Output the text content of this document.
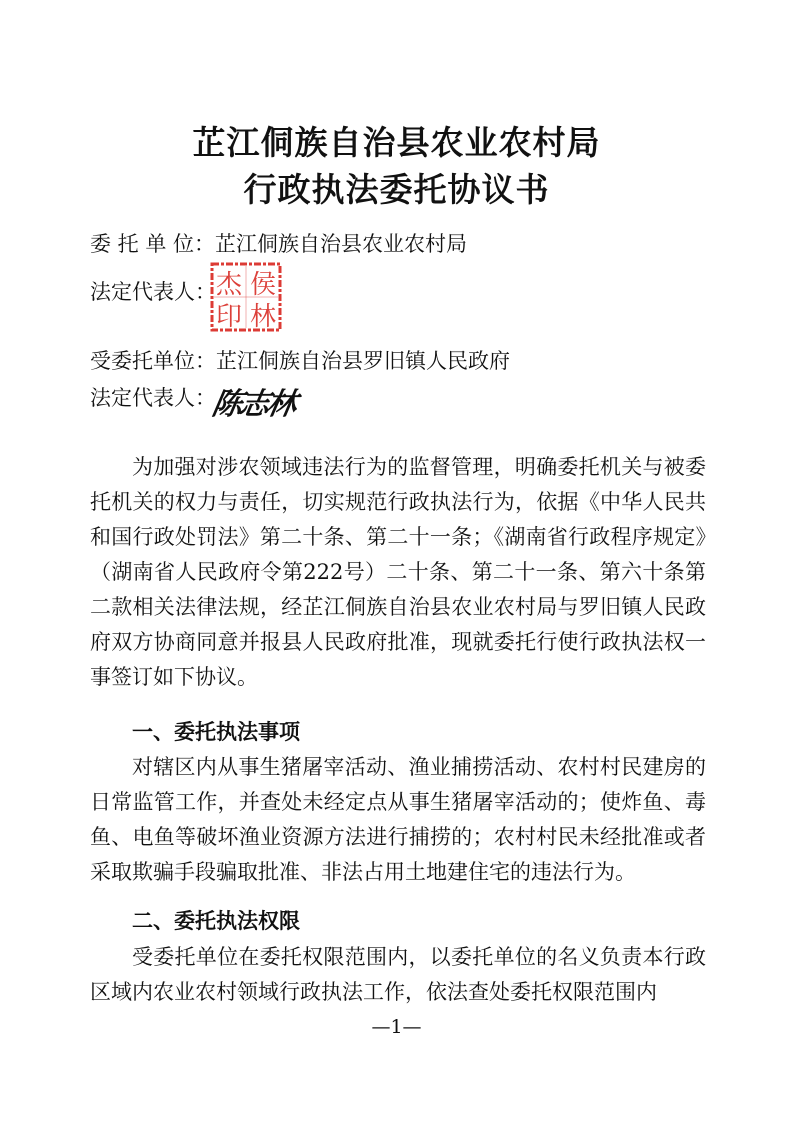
芷江侗族自治县农业农村局
行政执法委托协议书
委 托 单 位：芷江侗族自治县农业农村局
法定代表人： 侯
林
杰
印
受委托单位：芷江侗族自治县罗旧镇人民政府
法定代表人：
陈志林

为加强对涉农领域违法行为的监督管理，明确委托机关与被委托机关的权力与责任，切实规范行政执法行为，依据《中华人民共和国行政处罚法》第二十条、第二十一条；《湖南省行政程序规定》（湖南省人民政府令第222号）二十条、第二十一条、第六十条第二款相关法律法规，经芷江侗族自治县农业农村局与罗旧镇人民政府双方协商同意并报县人民政府批准，现就委托行使行政执法权一事签订如下协议。

一、委托执法事项

对辖区内从事生猪屠宰活动、渔业捕捞活动、农村村民建房的日常监管工作，并查处未经定点从事生猪屠宰活动的；使炸鱼、毒鱼、电鱼等破坏渔业资源方法进行捕捞的；农村村民未经批准或者采取欺骗手段骗取批准、非法占用土地建住宅的违法行为。

二、委托执法权限

受委托单位在委托权限范围内，以委托单位的名义负责本行政区域内农业农村领域行政执法工作，依法查处委托权限范围内

—1—
